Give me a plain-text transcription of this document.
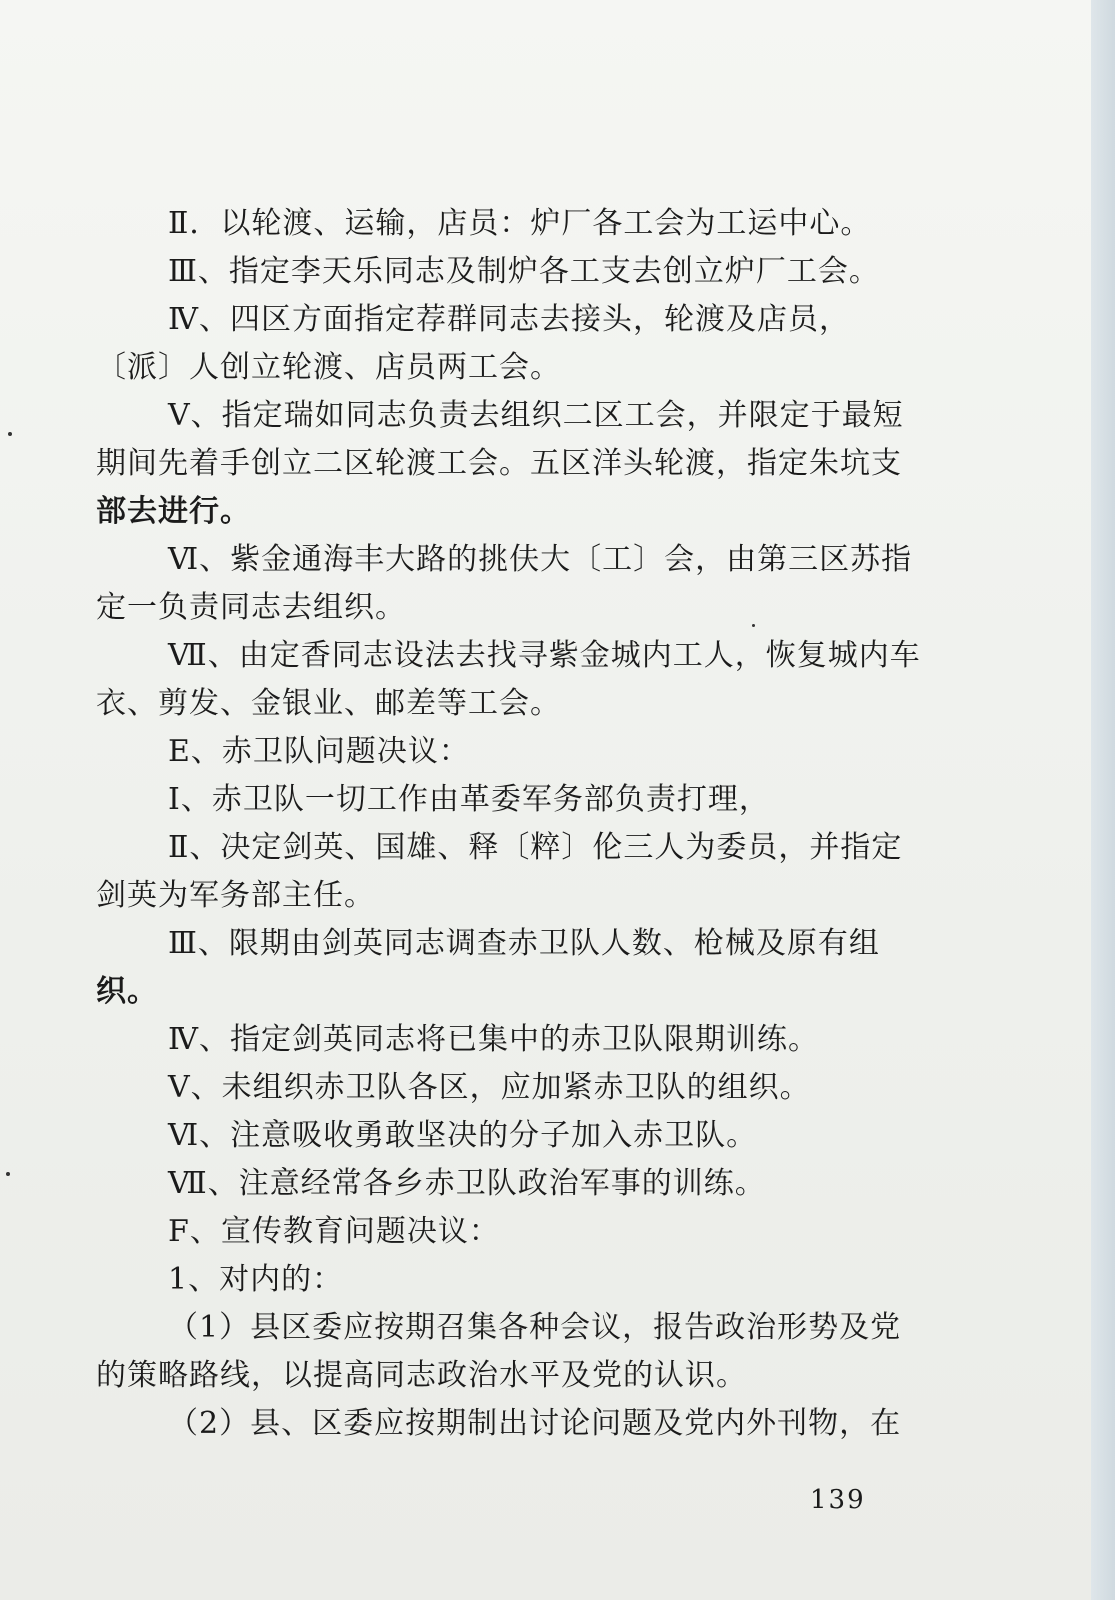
Ⅱ．以轮渡、运输，店员：炉厂各工会为工运中心。
Ⅲ、指定李天乐同志及制炉各工支去创立炉厂工会。
Ⅳ、四区方面指定荐群同志去接头，轮渡及店员，
〔派〕人创立轮渡、店员两工会。
Ⅴ、指定瑞如同志负责去组织二区工会，并限定于最短
期间先着手创立二区轮渡工会。五区洋头轮渡，指定朱坑支
部去进行。
Ⅵ、紫金通海丰大路的挑伕大〔工〕会，由第三区苏指
定一负责同志去组织。
Ⅶ、由定香同志设法去找寻紫金城内工人，恢复城内车
衣、剪发、金银业、邮差等工会。
E、赤卫队问题决议：
Ⅰ、赤卫队一切工作由革委军务部负责打理，
Ⅱ、决定剑英、国雄、释〔粹〕伦三人为委员，并指定
剑英为军务部主任。
Ⅲ、限期由剑英同志调查赤卫队人数、枪械及原有组
织。
Ⅳ、指定剑英同志将已集中的赤卫队限期训练。
Ⅴ、未组织赤卫队各区，应加紧赤卫队的组织。
Ⅵ、注意吸收勇敢坚决的分子加入赤卫队。
Ⅶ、注意经常各乡赤卫队政治军事的训练。
F、宣传教育问题决议：
1、对内的：
（1）县区委应按期召集各种会议，报告政治形势及党
的策略路线，以提高同志政治水平及党的认识。
（2）县、区委应按期制出讨论问题及党内外刊物，在
139
